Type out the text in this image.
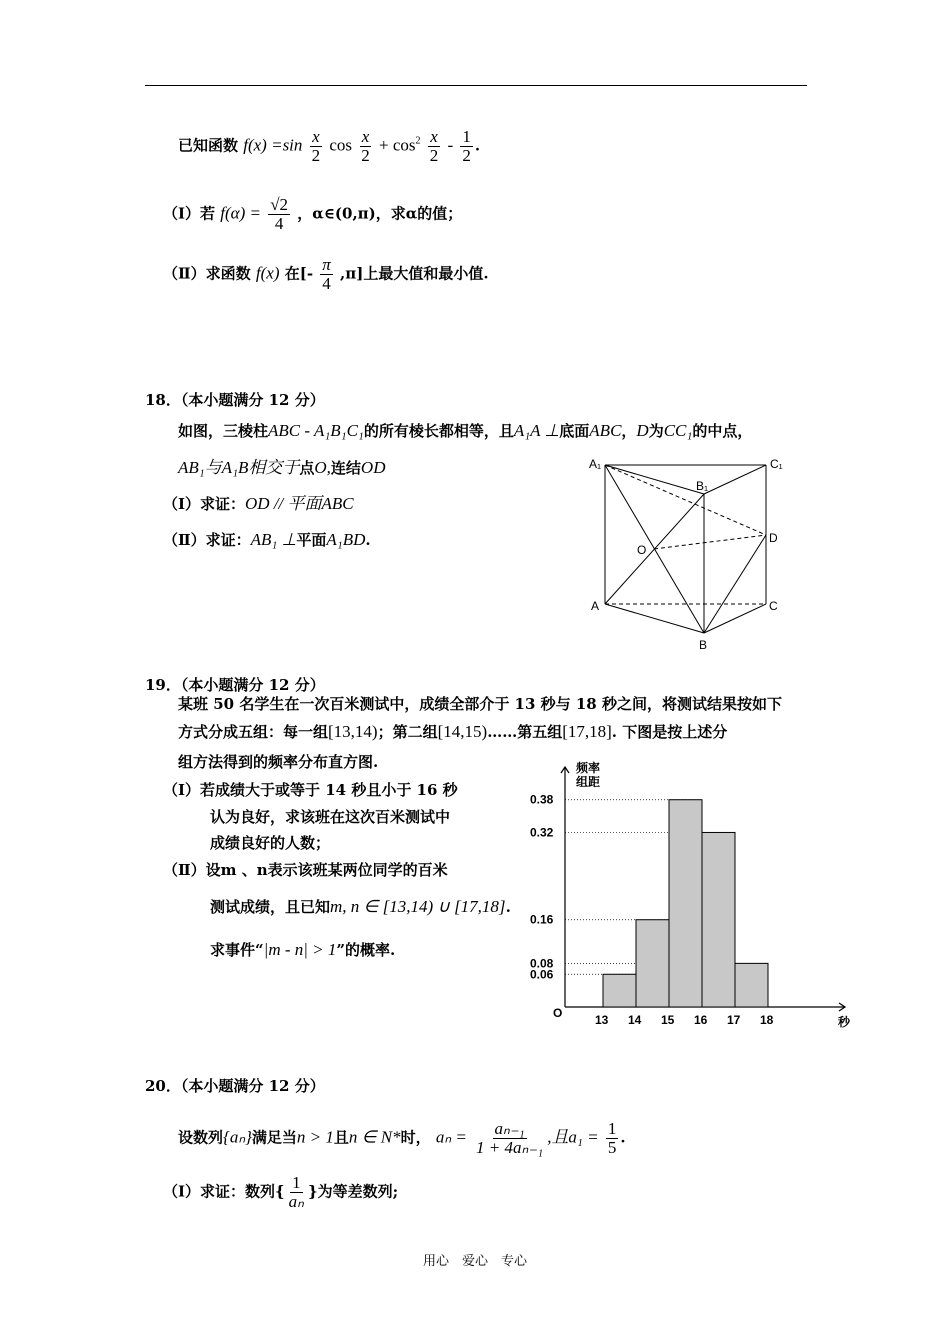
已知函数 $f(x) =\sin \frac{x}{2}$ $\cos \frac{x}{2} + \cos^2 \frac{x}{2} - \frac{1}{2}$ .
（Ⅰ）若 $f(\alpha) = \frac{√2}{4}$ ，α∈(0,π)，求α的值；
（Ⅱ）求函数 f(x) 在[- $\frac{\pi}{4} ,\pi$]上最大值和最小值.
18．（本小题满分 12 分）
如图，三棱柱ABC - A₁B₁C₁的所有棱长都相等，且A₁A ⊥底面ABC，D为CC₁的中点，
AB₁与A₁B相交于点O,连结OD
（Ⅰ）求证：OD // 平面ABC
（Ⅱ）求证：AB₁ ⊥平面A₁BD.
A₁	C₁
B₁
O
D
A	C
B
19．（本小题满分 12 分）
某班 50 名学生在一次百米测试中，成绩全部介于 13 秒与 18 秒之间，将测试结果按如下
方式分成五组：每一组[13,14)；第二组[14,15)……第五组[17,18]. 下图是按上述分
组方法得到的频率分布直方图.
（Ⅰ）若成绩大于或等于 14 秒且小于 16 秒
认为良好，求该班在这次百米测试中
成绩良好的人数；
（Ⅱ）设m 、n表示该班某两位同学的百米
测试成绩，且已知m, n ∈ [13,14) ∪ [17,18].
求事件“|m - n| > 1”的概率.
频率
组距
秒
O
0.38
0.32
0.16
0.08
0.06
13 14 15 16 17 18
20．（本小题满分 12 分）
设数列{aₙ}满足当n > 1且n ∈ N*时， $a_n = \frac{\text{aₙ₋₁}}{\text{1 + 4aₙ₋₁}}$ ,且$a_1 = \frac{1}{5}$ .
（Ⅰ）求证：数列{ $\frac{1}{\text{aₙ}}$ }为等差数列;
用心　爱心　专心
